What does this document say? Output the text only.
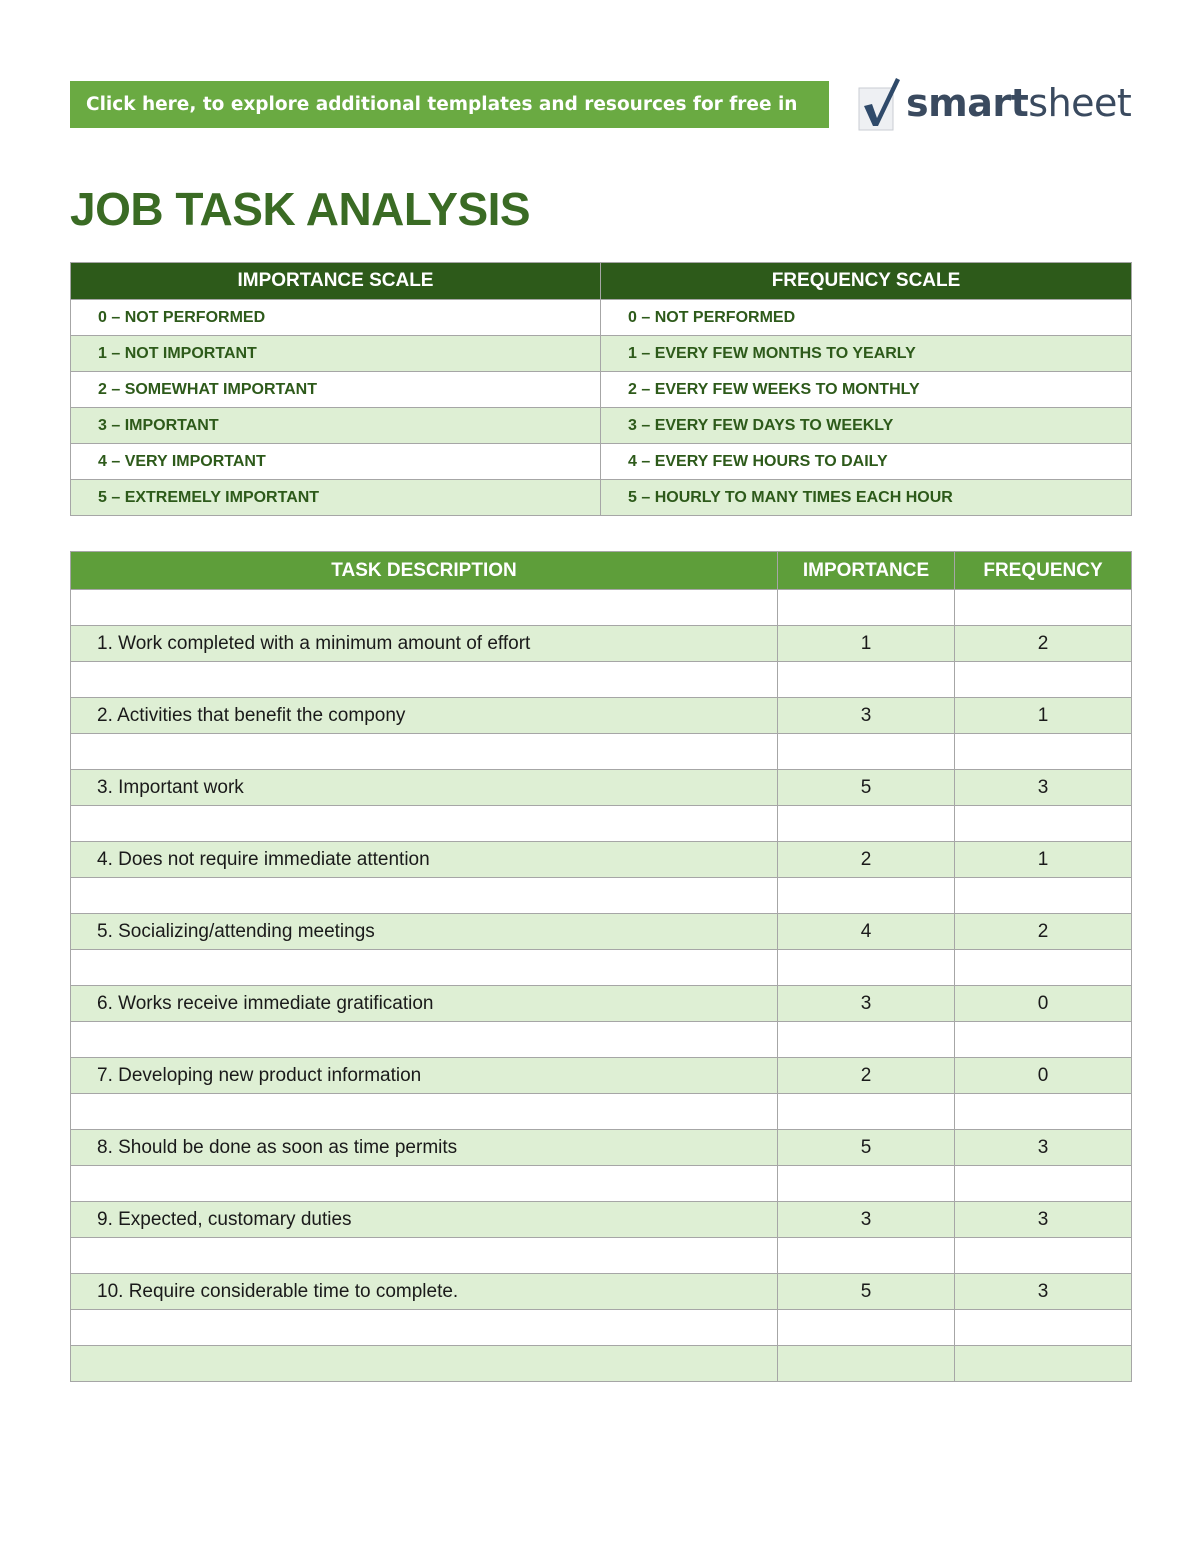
Click here, to explore additional templates and resources for free in	smartsheet
JOB TASK ANALYSIS
IMPORTANCE SCALE	FREQUENCY SCALE
0 – NOT PERFORMED	0 – NOT PERFORMED
1 – NOT IMPORTANT	1 – EVERY FEW MONTHS TO YEARLY
2 – SOMEWHAT IMPORTANT	2 – EVERY FEW WEEKS TO MONTHLY
3 – IMPORTANT	3 – EVERY FEW DAYS TO WEEKLY
4 – VERY IMPORTANT	4 – EVERY FEW HOURS TO DAILY
5 – EXTREMELY IMPORTANT	5 – HOURLY TO MANY TIMES EACH HOUR
TASK DESCRIPTION	IMPORTANCE	FREQUENCY

1. Work completed with a minimum amount of effort	1	2

2. Activities that benefit the compony	3	1

3. Important work	5	3

4. Does not require immediate attention	2	1

5. Socializing/attending meetings	4	2

6. Works receive immediate gratification	3	0

7. Developing new product information	2	0

8. Should be done as soon as time permits	5	3

9. Expected, customary duties	3	3

10. Require considerable time to complete.	5	3
